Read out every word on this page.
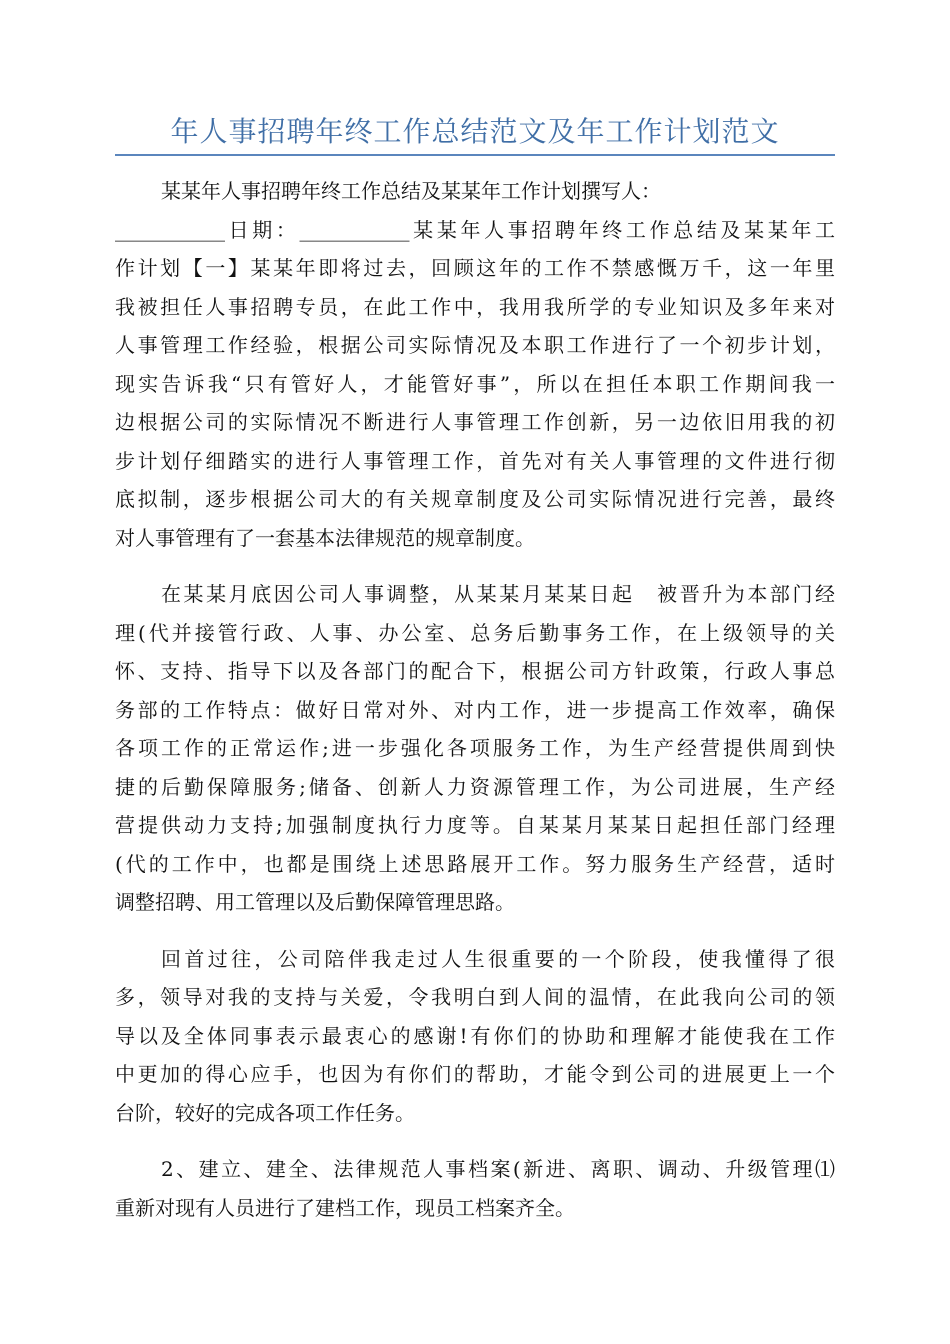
年人事招聘年终工作总结范文及年工作计划范文
某某年人事招聘年终工作总结及某某年工作计划撰写人：
___________日期：___________某某年人事招聘年终工作总结及某某年工
作计划【一】某某年即将过去，回顾这年的工作不禁感慨万千，这一年里
我被担任人事招聘专员，在此工作中，我用我所学的专业知识及多年来对
人事管理工作经验，根据公司实际情况及本职工作进行了一个初步计划，
现实告诉我“只有管好人，才能管好事”，所以在担任本职工作期间我一
边根据公司的实际情况不断进行人事管理工作创新，另一边依旧用我的初
步计划仔细踏实的进行人事管理工作，首先对有关人事管理的文件进行彻
底拟制，逐步根据公司大的有关规章制度及公司实际情况进行完善，最终
对人事管理有了一套基本法律规范的规章制度。
在某某月底因公司人事调整，从某某月某某日起　被晋升为本部门经
理(代并接管行政、人事、办公室、总务后勤事务工作，在上级领导的关
怀、支持、指导下以及各部门的配合下，根据公司方针政策，行政人事总
务部的工作特点：做好日常对外、对内工作，进一步提高工作效率，确保
各项工作的正常运作;进一步强化各项服务工作，为生产经营提供周到快
捷的后勤保障服务;储备、创新人力资源管理工作，为公司进展，生产经
营提供动力支持;加强制度执行力度等。自某某月某某日起担任部门经理
(代的工作中，也都是围绕上述思路展开工作。努力服务生产经营，适时
调整招聘、用工管理以及后勤保障管理思路。
回首过往，公司陪伴我走过人生很重要的一个阶段，使我懂得了很
多，领导对我的支持与关爱，令我明白到人间的温情，在此我向公司的领
导以及全体同事表示最衷心的感谢!有你们的协助和理解才能使我在工作
中更加的得心应手，也因为有你们的帮助，才能令到公司的进展更上一个
台阶，较好的完成各项工作任务。
2、建立、建全、法律规范人事档案(新进、离职、调动、升级管理⑴
重新对现有人员进行了建档工作，现员工档案齐全。
